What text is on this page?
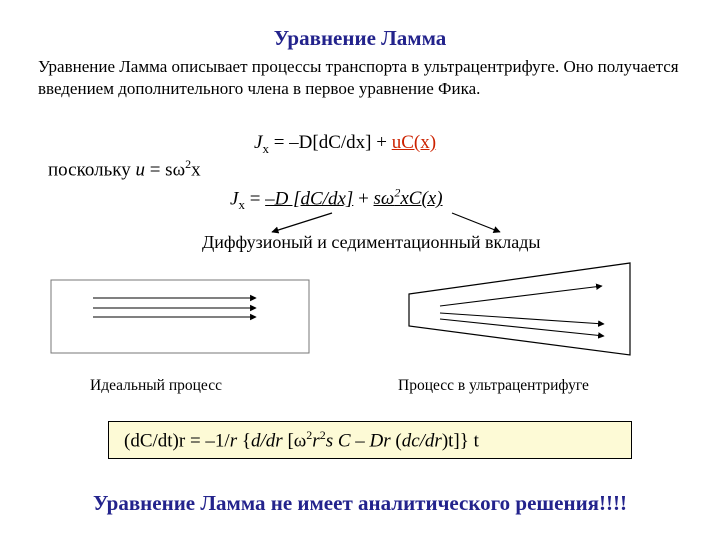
Уравнение Ламма
Уравнение Ламма описывает процессы транспорта в ультрацентрифуге. Оно получается введением дополнительного члена в первое уравнение Фика.
$J_x = -D[dC/dx] + uC(x)$
поскольку $u = s\omega^2x$
$J_x = -D$ $[dC/dx] + s\omega^2xC(x)$
Диффузионый и седиментационный вклады
Идеальный процесс	Процесс в ультрацентрифуге
(dC/dt)r = –1/r {d/dr [$\omega^2r^2s$ C – Dr (dc/dr)t]} t
Уравнение Ламма не имеет аналитического решения!!!!
